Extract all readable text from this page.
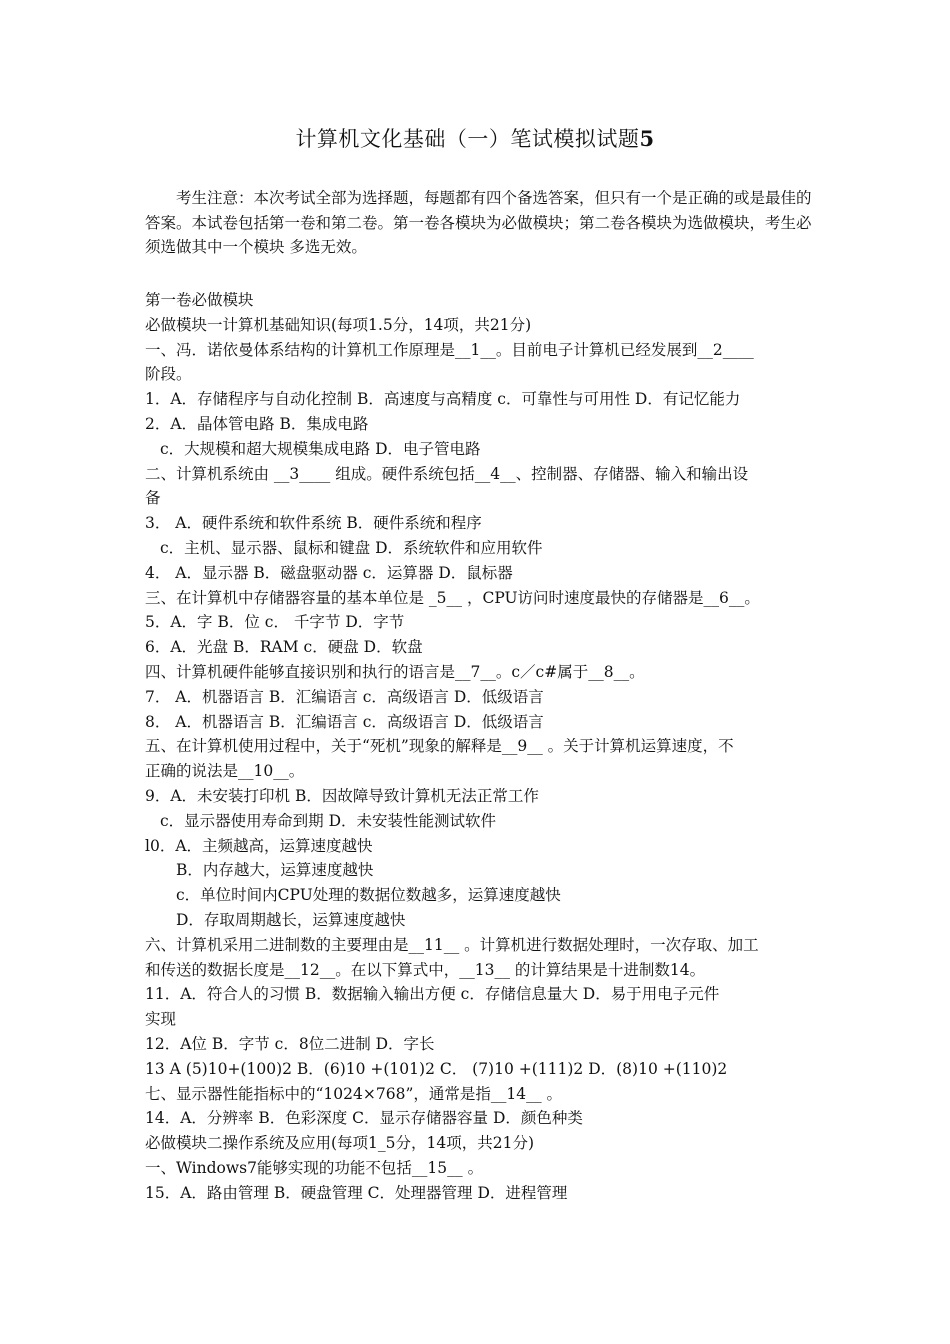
计算机文化基础（一）笔试模拟试题5

考生注意：本次考试全部为选择题，每题都有四个备选答案，但只有一个是正确的或是最佳的答案。本试卷包括第一卷和第二卷。第一卷各模块为必做模块；第二卷各模块为选做模块，考生必须选做其中一个模块 多选无效。

第一卷必做模块
必做模块一计算机基础知识(每项1.5分，14项，共21分)
一、冯．诺依曼体系结构的计算机工作原理是__1__。目前电子计算机已经发展到__2____
阶段。
1．A．存储程序与自动化控制 B．高速度与高精度 c．可靠性与可用性 D．有记忆能力
2．A．晶体管电路 B．集成电路
c．大规模和超大规模集成电路 D．电子管电路
二、计算机系统由 __3____ 组成。硬件系统包括__4__、控制器、存储器、输入和输出设
备
3． A．硬件系统和软件系统 B．硬件系统和程序
c．主机、显示器、鼠标和键盘 D．系统软件和应用软件
4． A．显示器 B．磁盘驱动器 c．运算器 D．鼠标器
三、在计算机中存储器容量的基本单位是 _5__ ，CPU访问时速度最快的存储器是__6__。
5．A．字 B．位 c． 千字节 D．字节
6．A．光盘 B．RAM c．硬盘 D．软盘
四、计算机硬件能够直接识别和执行的语言是__7__。c／c#属于__8__。
7． A．机器语言 B．汇编语言 c．高级语言 D．低级语言
8． A．机器语言 B．汇编语言 c．高级语言 D．低级语言
五、在计算机使用过程中，关于“死机”现象的解释是__9__ 。关于计算机运算速度，不
正确的说法是__10__。
9．A．未安装打印机 B．因故障导致计算机无法正常工作
c．显示器使用寿命到期 D．未安装性能测试软件
l0．A．主频越高，运算速度越快
B．内存越大，运算速度越快
c．单位时间内CPU处理的数据位数越多，运算速度越快
D．存取周期越长，运算速度越快
六、计算机采用二进制数的主要理由是__11__ 。计算机进行数据处理时，一次存取、加工
和传送的数据长度是__12__。在以下算式中，__13__ 的计算结果是十进制数14。
11．A．符合人的习惯 B．数据输入输出方便 c．存储信息量大 D．易于用电子元件
实现
12．A位 B．字节 c．8位二进制 D．字长
13 A (5)10+(100)2 B．(6)10 +(101)2 C． (7)10 +(111)2 D．(8)10 +(110)2
七、显示器性能指标中的“1024×768”，通常是指__14__ 。
14．A．分辨率 B．色彩深度 C．显示存储器容量 D．颜色种类
必做模块二操作系统及应用(每项1_5分，14项，共21分)
一、Windows7能够实现的功能不包括__15__ 。
15．A．路由管理 B．硬盘管理 C．处理器管理 D．进程管理
